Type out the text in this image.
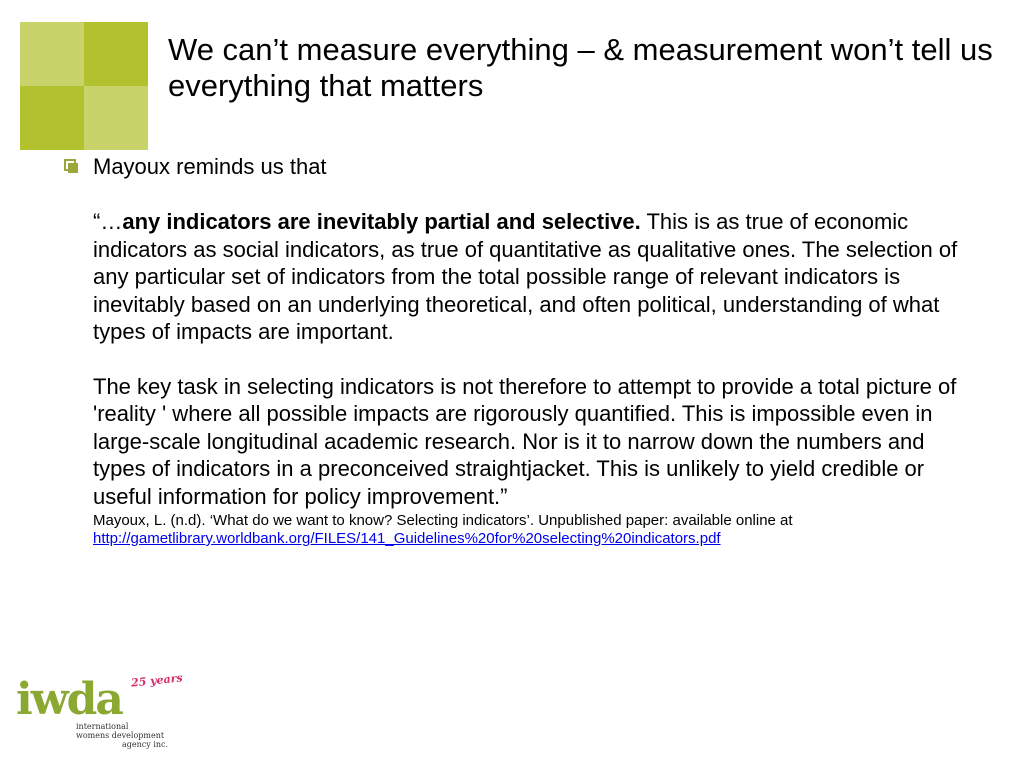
We can’t measure everything – & measurement won’t tell us everything that matters

Mayoux reminds us that

“…any indicators are inevitably partial and selective. This is as true of economic indicators as social indicators, as true of quantitative as qualitative ones. The selection of any particular set of indicators from the total possible range of relevant indicators is inevitably based on an underlying theoretical, and often political, understanding of what types of impacts are important.

The key task in selecting indicators is not therefore to attempt to provide a total picture of 'reality ' where all possible impacts are rigorously quantified. This is impossible even in large-scale longitudinal academic research. Nor is it to narrow down the numbers and types of indicators in a preconceived straightjacket. This is unlikely to yield credible or useful information for policy improvement.”

Mayoux, L. (n.d). ‘What do we want to know? Selecting indicators’. Unpublished paper: available online at http://gametlibrary.worldbank.org/FILES/141_Guidelines%20for%20selecting%20indicators.pdf

25 years
iwda
international
womens development
agency inc.
